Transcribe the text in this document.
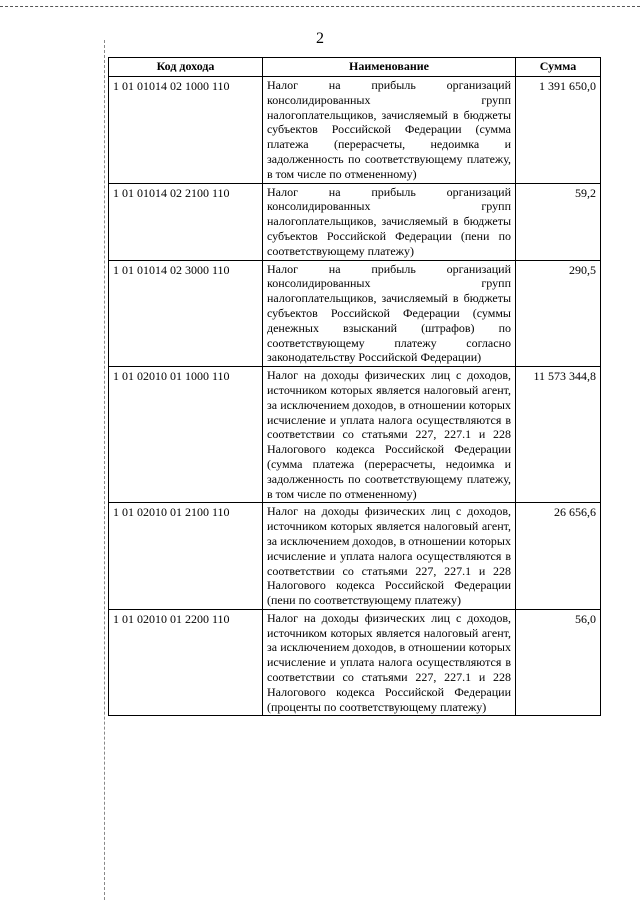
2
Код дохода	Наименование	Сумма
1 01 01014 02 1000 110	Налог на прибыль организаций консолидированных групп налогоплательщиков, зачисляемый в бюджеты субъектов Российской Федерации (сумма платежа (перерасчеты, недоимка и задолженность по соответствующему платежу, в том числе по отмененному)	1 391 650,0
1 01 01014 02 2100 110	Налог на прибыль организаций консолидированных групп налогоплательщиков, зачисляемый в бюджеты субъектов Российской Федерации (пени по соответствующему платежу)	59,2
1 01 01014 02 3000 110	Налог на прибыль организаций консолидированных групп налогоплательщиков, зачисляемый в бюджеты субъектов Российской Федерации (суммы денежных взысканий (штрафов) по соответствующему платежу согласно законодательству Российской Федерации)	290,5
1 01 02010 01 1000 110	Налог на доходы физических лиц с доходов, источником которых является налоговый агент, за исключением доходов, в отношении которых исчисление и уплата налога осуществляются в соответствии со статьями 227, 227.1 и 228 Налогового кодекса Российской Федерации (сумма платежа (перерасчеты, недоимка и задолженность по соответствующему платежу, в том числе по отмененному)	11 573 344,8
1 01 02010 01 2100 110	Налог на доходы физических лиц с доходов, источником которых является налоговый агент, за исключением доходов, в отношении которых исчисление и уплата налога осуществляются в соответствии со статьями 227, 227.1 и 228 Налогового кодекса Российской Федерации (пени по соответствующему платежу)	26 656,6
1 01 02010 01 2200 110	Налог на доходы физических лиц с доходов, источником которых является налоговый агент, за исключением доходов, в отношении которых исчисление и уплата налога осуществляются в соответствии со статьями 227, 227.1 и 228 Налогового кодекса Российской Федерации (проценты по соответствующему платежу)	56,0
